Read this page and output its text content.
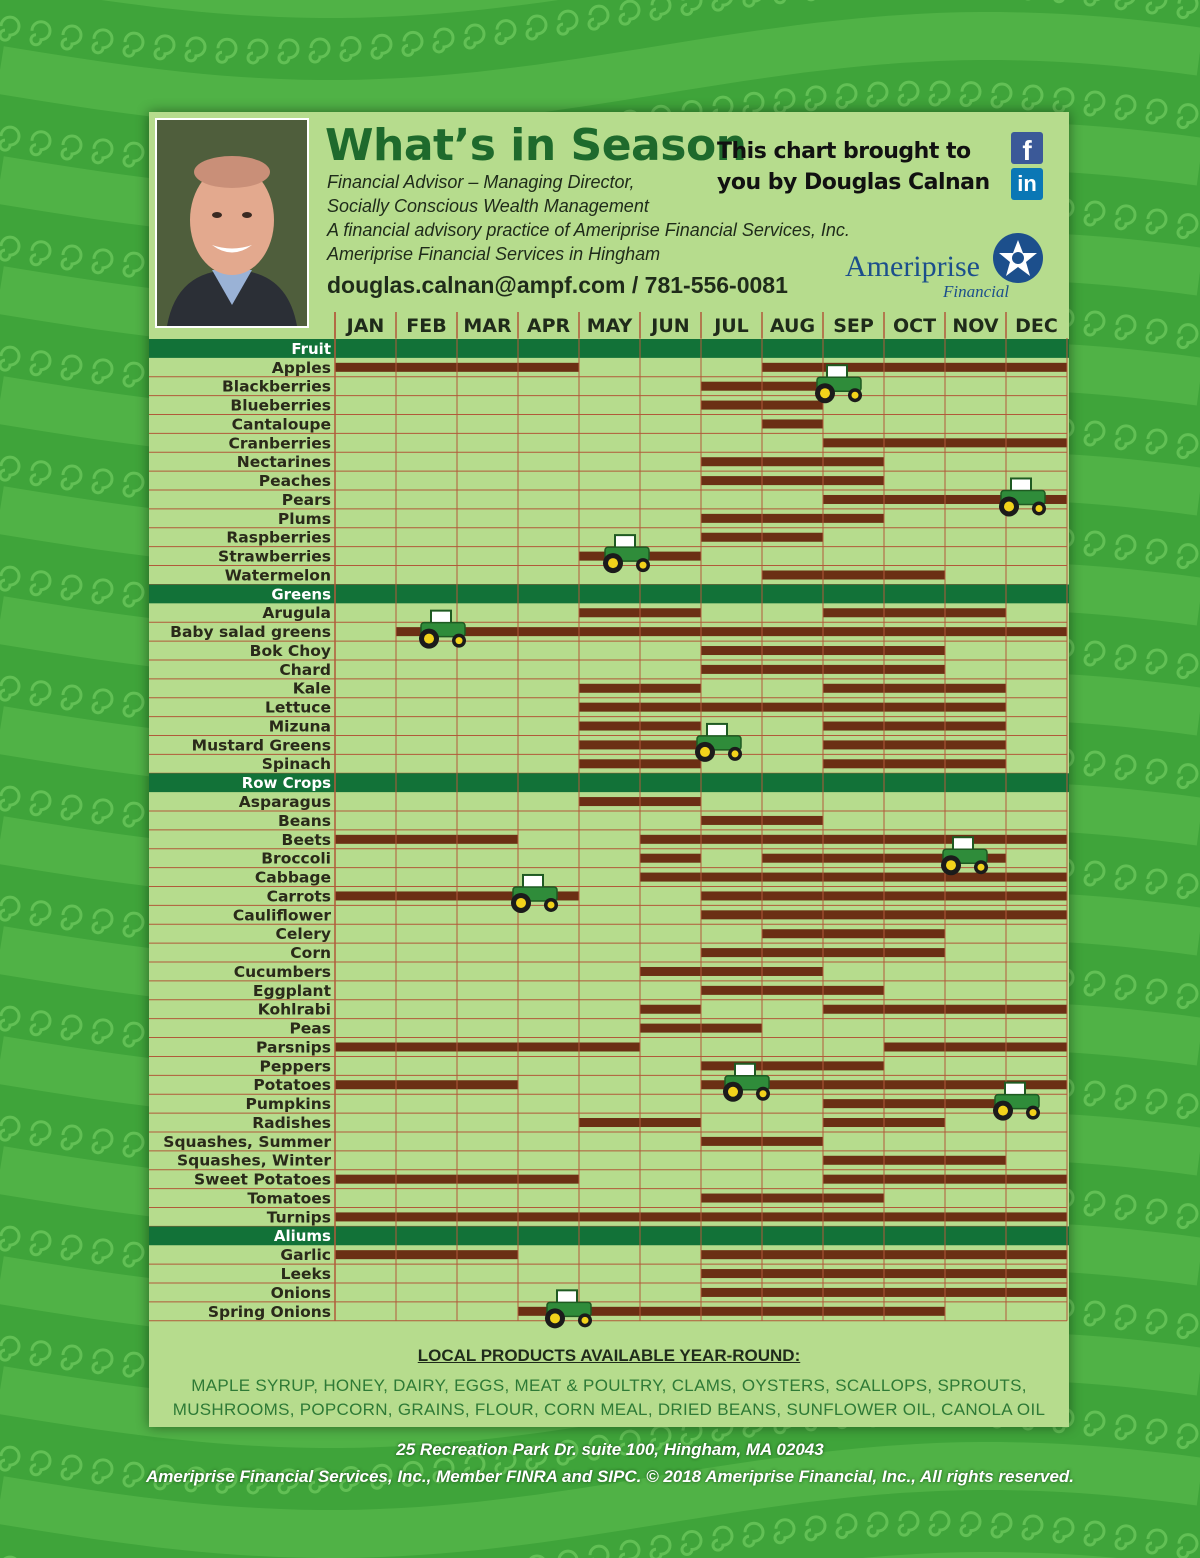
What’s in Season
Financial Advisor – Managing Director,
Socially Conscious Wealth Management
A financial advisory practice of Ameriprise Financial Services, Inc.
Ameriprise Financial Services in Hingham
This chart brought to
you by Douglas Calnan
f
in
douglas.calnan@ampf.com / 781-556-0081
Ameriprise
Financial
JAN FEB MAR APR MAY JUN JUL AUG SEP OCT NOV DEC
Fruit
Apples
Blackberries
Blueberries
Cantaloupe
Cranberries
Nectarines
Peaches
Pears
Plums
Raspberries
Strawberries
Watermelon
Greens
Arugula
Baby salad greens
Bok Choy
Chard
Kale
Lettuce
Mizuna
Mustard Greens
Spinach
Row Crops
Asparagus
Beans
Beets
Broccoli
Cabbage
Carrots
Cauliflower
Celery
Corn
Cucumbers
Eggplant
Kohlrabi
Peas
Parsnips
Peppers
Potatoes
Pumpkins
Radishes
Squashes, Summer
Squashes, Winter
Sweet Potatoes
Tomatoes
Turnips
Aliums
Garlic
Leeks
Onions
Spring Onions
LOCAL PRODUCTS AVAILABLE YEAR-ROUND:
MAPLE SYRUP, HONEY, DAIRY, EGGS, MEAT & POULTRY, CLAMS, OYSTERS, SCALLOPS, SPROUTS, MUSHROOMS, POPCORN, GRAINS, FLOUR, CORN MEAL, DRIED BEANS, SUNFLOWER OIL, CANOLA OIL
25 Recreation Park Dr. suite 100, Hingham, MA 02043
Ameriprise Financial Services, Inc., Member FINRA and SIPC. © 2018 Ameriprise Financial, Inc., All rights reserved.
